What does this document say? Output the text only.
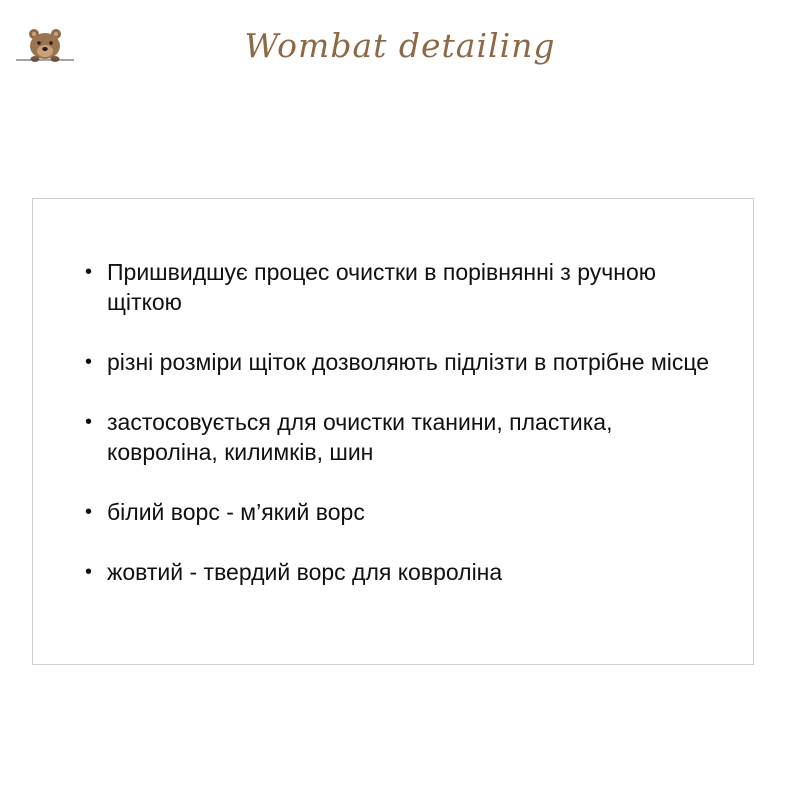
Wombat detailing
• Пришвидшує процес очистки в порівнянні з ручною щіткою
• різні розміри щіток дозволяють підлізти в потрібне місце
• застосовується для очистки тканини, пластика, ковроліна, килимків, шин
• білий ворс - м’який ворс
• жовтий - твердий ворс для ковроліна
